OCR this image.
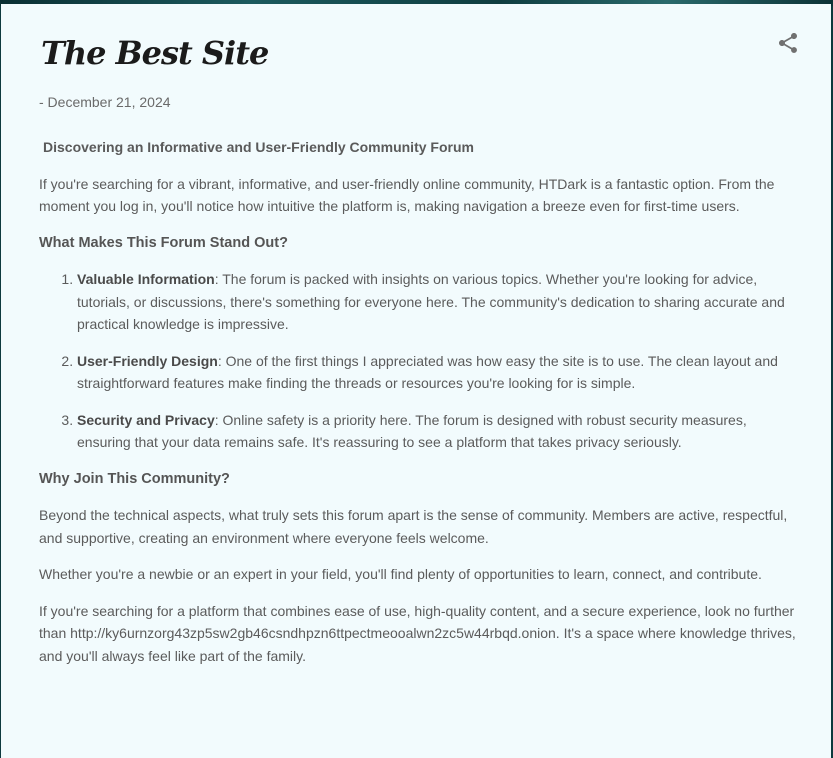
The Best Site
- December 21, 2024

Discovering an Informative and User-Friendly Community Forum

If you're searching for a vibrant, informative, and user-friendly online community, HTDark is a fantastic option. From the moment you log in, you'll notice how intuitive the platform is, making navigation a breeze even for first-time users.

What Makes This Forum Stand Out?
1. Valuable Information: The forum is packed with insights on various topics. Whether you're looking for advice, tutorials, or discussions, there's something for everyone here. The community's dedication to sharing accurate and practical knowledge is impressive.
2. User-Friendly Design: One of the first things I appreciated was how easy the site is to use. The clean layout and straightforward features make finding the threads or resources you're looking for is simple.
3. Security and Privacy: Online safety is a priority here. The forum is designed with robust security measures, ensuring that your data remains safe. It's reassuring to see a platform that takes privacy seriously.
Why Join This Community?

Beyond the technical aspects, what truly sets this forum apart is the sense of community. Members are active, respectful, and supportive, creating an environment where everyone feels welcome.

Whether you're a newbie or an expert in your field, you'll find plenty of opportunities to learn, connect, and contribute.

If you're searching for a platform that combines ease of use, high-quality content, and a secure experience, look no further than http://ky6urnzorg43zp5sw2gb46csndhpzn6ttpectmeooalwn2zc5w44rbqd.onion. It's a space where knowledge thrives, and you'll always feel like part of the family.
